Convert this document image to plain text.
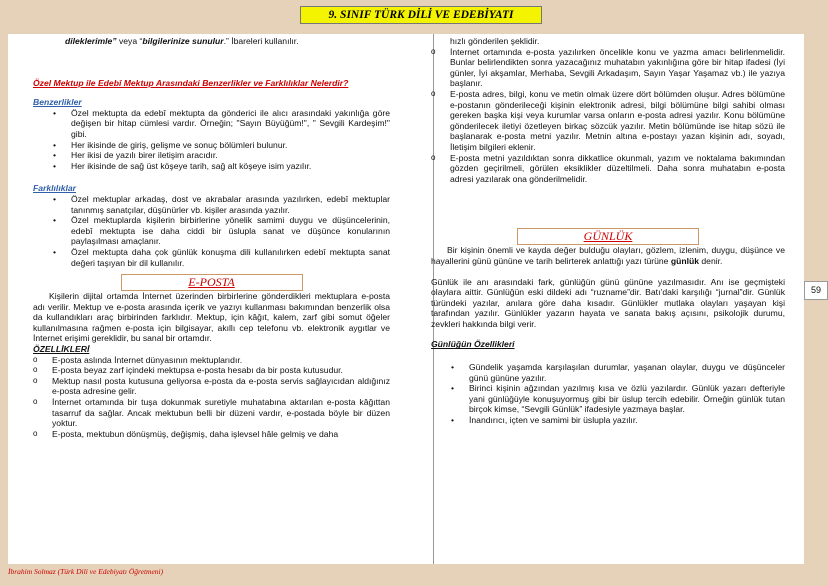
9. SINIF TÜRK DİLİ VE EDEBİYATI

dileklerimle” veya “bilgilerinize sunulur.” İbareleri kullanılır.

Özel Mektup ile Edebî Mektup Arasındaki Benzerlikler ve Farklılıklar Nelerdir?

Benzerlikler

• Özel mektupta da edebî mektupta da gönderici ile alıcı arasındaki yakınlığa göre değişen bir hitap cümlesi vardır. Örneğin; "Sayın Büyüğüm!", " Sevgili Kardeşim!" gibi.
• Her ikisinde de giriş, gelişme ve sonuç bölümleri bulunur.
• Her ikisi de yazılı birer iletişim aracıdır.
• Her ikisinde de sağ üst köşeye tarih, sağ alt köşeye isim yazılır.

Farklılıklar

• Özel mektuplar arkadaş, dost ve akrabalar arasında yazılırken, edebî mektuplar tanınmış sanatçılar, düşünürler vb. kişiler arasında yazılır.
• Özel mektuplarda kişilerin birbirlerine yönelik samimi duygu ve düşüncelerinin, edebî mektupta ise daha ciddi bir üslupla sanat ve düşünce konularının paylaşılması amaçlanır.
• Özel mektupta daha çok günlük konuşma dili kullanılırken edebî mektupta sanat değeri taşıyan bir dil kullanılır.
E-POSTA

Kişilerin dijital ortamda İnternet üzerinden birbirlerine gönderdikleri mektuplara e-posta adı verilir. Mektup ve e-posta arasında içerik ve yazıyı kullanması bakımından benzerlik olsa da kullandıkları araç birbirinden farklıdır. Mektup, için kâğıt, kalem, zarf gibi somut öğeler kullanılmasına rağmen e-posta için bilgisayar, akıllı cep telefonu vb. elektronik aygıtlar ve İnternet erişimi gereklidir, bu sanal bir ortamdır.

ÖZELLİKLERİ

o E-posta aslında İnternet dünyasının mektuplarıdır.
o E-posta beyaz zarf içindeki mektupsa e-posta hesabı da bir posta kutusudur.
o Mektup nasıl posta kutusuna geliyorsa e-posta da e-posta servis sağlayıcıdan aldığınız e-posta adresine gelir.
o İnternet ortamında bir tuşa dokunmak suretiyle muhatabına aktarılan e-posta kâğıttan tasarruf da sağlar. Ancak mektubun belli bir düzeni vardır, e-postada böyle bir düzen yoktur.
o E-posta, mektubun dönüşmüş, değişmiş, daha işlevsel hâle gelmiş ve daha

hızlı gönderilen şeklidir.

o İnternet ortamında e-posta yazılırken öncelikle konu ve yazma amacı belirlenmelidir. Bunlar belirlendikten sonra yazacağınız muhatabın yakınlığına göre bir hitap ifadesi (İyi günler, İyi akşamlar, Merhaba, Sevgili Arkadaşım, Sayın Yaşar Yaşamaz vb.) ile yazıya başlanır.
o E-posta adres, bilgi, konu ve metin olmak üzere dört bölümden oluşur. Adres bölümüne e-postanın gönderileceği kişinin elektronik adresi, bilgi bölümüne bilgi sahibi olması gereken başka kişi veya kurumlar varsa onların e-posta adresi yazılır. Konu bölümüne gönderilecek iletiyi özetleyen birkaç sözcük yazılır. Metin bölümünde ise hitap sözü ile başlanarak e-posta metni yazılır. Metnin altına e-postayı yazan kişinin adı, soyadı, İletişim bilgileri eklenir.
o E-posta metni yazıldıktan sonra dikkatlice okunmalı, yazım ve noktalama bakımından gözden geçirilmeli, görülen eksiklikler düzeltilmeli. Daha sonra muhatabın e-posta adresi yazılarak ona gönderilmelidir.
GÜNLÜK

Bir kişinin önemli ve kayda değer bulduğu olayları, gözlem, izlenim, duygu, düşünce ve hayallerini günü gününe ve tarih belirterek anlattığı yazı türüne günlük denir.

Günlük ile anı arasındaki fark, günlüğün günü gününe yazılmasıdır. Anı ise geçmişteki olaylara aittir. Günlüğün eski dildeki adı “ruzname”dir. Batı’daki karşılığı “jurnal”dir. Günlük türündeki yazılar, anılara göre daha kısadır. Günlükler mutlaka olayları yaşayan kişi tarafından yazılır. Günlükler yazarın hayata ve sanata bakış açısını, psikolojik durumu, zevkleri hakkında bilgi verir.

Günlüğün Özellikleri

• Gündelik yaşamda karşılaşılan durumlar, yaşanan olaylar, duygu ve düşünceler günü gününe yazılır.
• Birinci kişinin ağzından yazılmış kısa ve özlü yazılardır. Günlük yazarı defteriyle yani günlüğüyle konuşuyormuş gibi bir üslup tercih edebilir. Örneğin günlük tutan birçok kimse, “Sevgili Günlük” ifadesiyle yazmaya başlar.
• İnandırıcı, içten ve samimi bir üslupla yazılır.
59
İbrahim Solmaz (Türk Dili ve Edebiyatı Öğretmeni)
